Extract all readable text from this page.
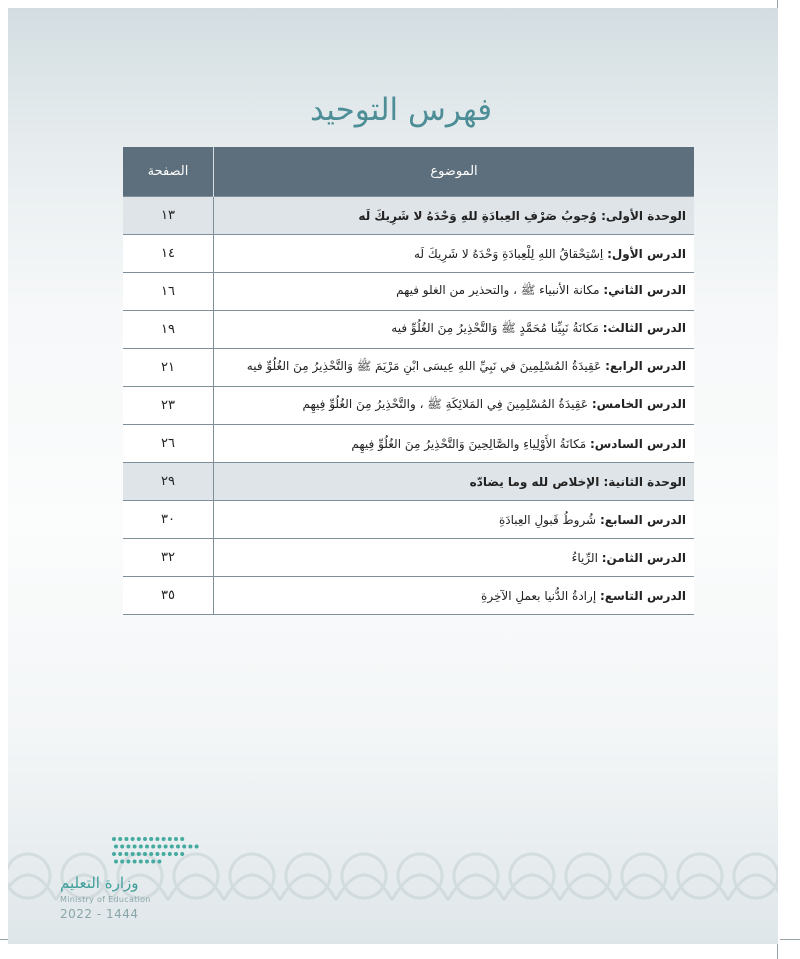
فهرس التوحيد
الموضوع	الصفحة
الوحدة الأولى: وُجوبُ صَرْفِ العِبادَةِ للهِ وَحْدَهُ لا شَرِيكَ لَه	١٣
الدرس الأول: اِسْتِحْقاقُ اللهِ لِلْعِبادَةِ وَحْدَهُ لا شَرِيكَ لَه	١٤
الدرس الثاني: مكانة الأنبياء ﷺ ، والتحذير من الغلو فيهم	١٦
الدرس الثالث: مَكانَةُ نَبِيِّنا مُحَمَّدٍ ﷺ وَالتَّحْذِيرُ مِنَ الغُلُوِّ فيه	١٩
الدرس الرابع: عَقِيدَةُ المُسْلِمِينَ في نَبِيِّ اللهِ عِيسَى ابْنِ مَرْيَمَ ﷺ وَالتَّحْذِيرُ مِنَ الغُلُوِّ فيه	٢١
الدرس الخامس: عَقِيدَةُ المُسْلِمِينَ فِي المَلائِكَةِ ﷺ ، والتَّحْذِيرُ مِنَ الغُلُوِّ فِيهِم	٢٣
الدرس السادس: مَكانَةُ الأَوْلِياءِ والصَّالِحِينَ وَالتَّحْذِيرُ مِنَ الغُلُوِّ فِيهِم	٢٦
الوحدة الثانية: الإخلاص لله وما يضادّه	٢٩
الدرس السابع: شُروطُ قَبولِ العِبادَةِ	٣٠
الدرس الثامن: الرِّياءُ	٣٢
الدرس التاسع: إرادةُ الدُّنيا بعملِ الآخِرةِ	٣٥
وزارة التعليم
Ministry of Education
2022 - 1444
